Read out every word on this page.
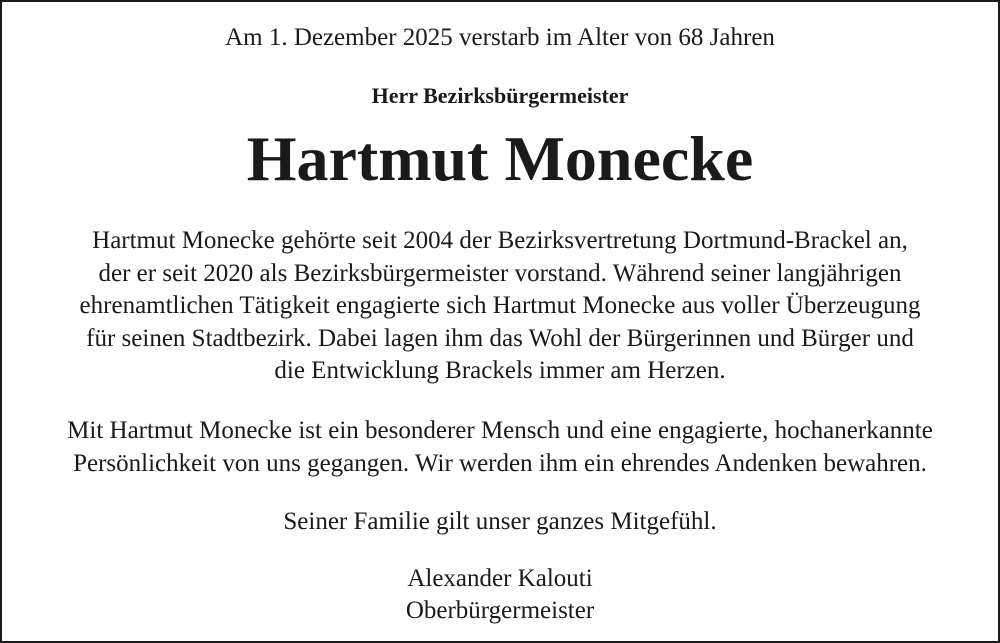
Am 1. Dezember 2025 verstarb im Alter von 68 Jahren
Herr Bezirksbürgermeister
Hartmut Monecke
Hartmut Monecke gehörte seit 2004 der Bezirksvertretung Dortmund-Brackel an,
der er seit 2020 als Bezirksbürgermeister vorstand. Während seiner langjährigen
ehrenamtlichen Tätigkeit engagierte sich Hartmut Monecke aus voller Überzeugung
für seinen Stadtbezirk. Dabei lagen ihm das Wohl der Bürgerinnen und Bürger und
die Entwicklung Brackels immer am Herzen.
Mit Hartmut Monecke ist ein besonderer Mensch und eine engagierte, hochanerkannte
Persönlichkeit von uns gegangen. Wir werden ihm ein ehrendes Andenken bewahren.
Seiner Familie gilt unser ganzes Mitgefühl.
Alexander Kalouti
Oberbürgermeister
